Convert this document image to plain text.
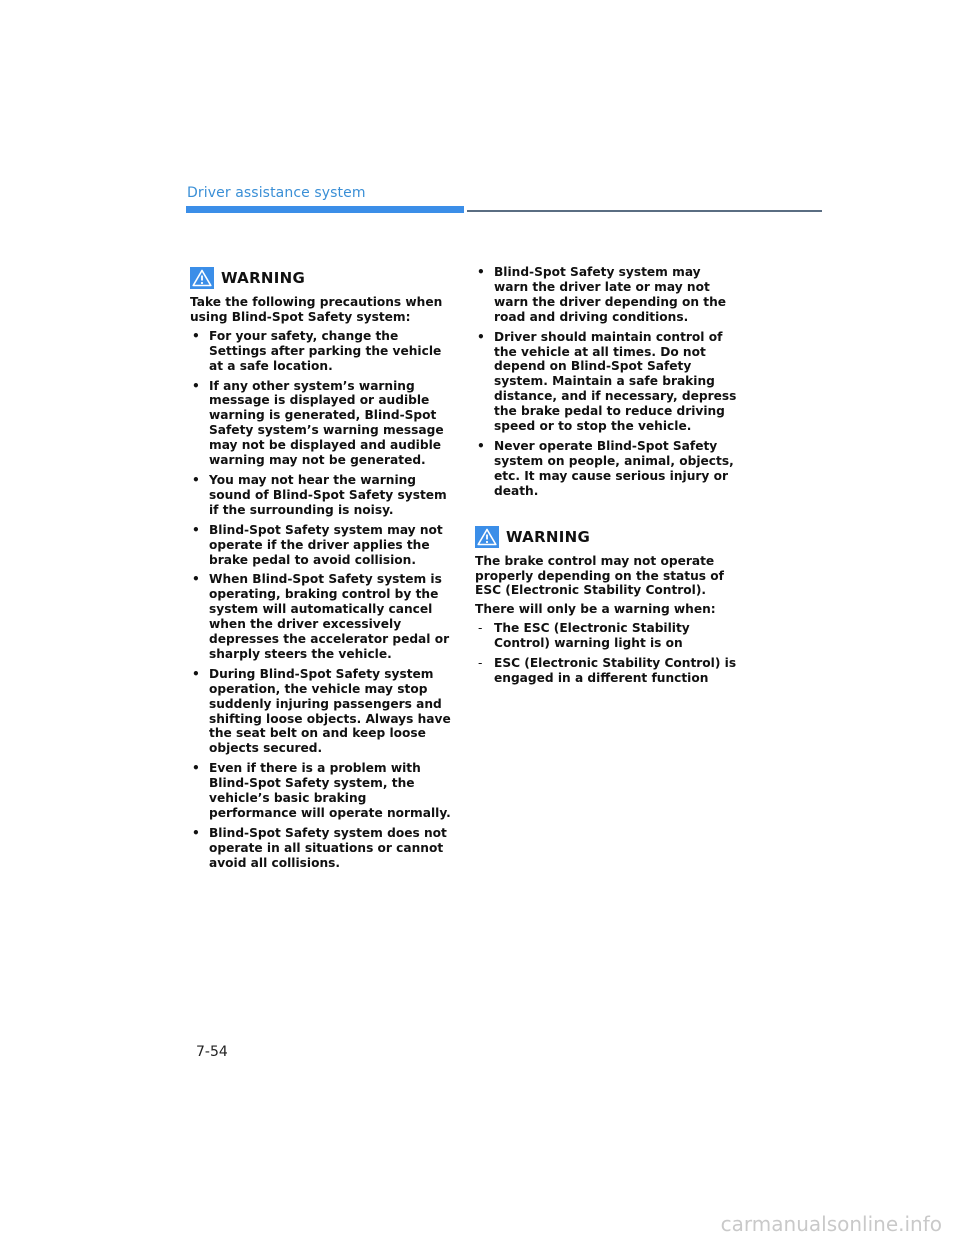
Driver assistance system
WARNING

Take the following precautions when using Blind-Spot Safety system:

• For your safety, change the Settings after parking the vehicle at a safe location.
• If any other system’s warning message is displayed or audible warning is generated, Blind-Spot Safety system’s warning message may not be displayed and audible warning may not be generated.
• You may not hear the warning sound of Blind-Spot Safety system if the surrounding is noisy.
• Blind-Spot Safety system may not operate if the driver applies the brake pedal to avoid collision.
• When Blind-Spot Safety system is operating, braking control by the system will automatically cancel when the driver excessively depresses the accelerator pedal or sharply steers the vehicle.
• During Blind-Spot Safety system operation, the vehicle may stop suddenly injuring passengers and shifting loose objects. Always have the seat belt on and keep loose objects secured.
• Even if there is a problem with Blind-Spot Safety system, the vehicle’s basic braking performance will operate normally.
• Blind-Spot Safety system does not operate in all situations or cannot avoid all collisions.
• Blind-Spot Safety system may warn the driver late or may not warn the driver depending on the road and driving conditions.
• Driver should maintain control of the vehicle at all times. Do not depend on Blind-Spot Safety system. Maintain a safe braking distance, and if necessary, depress the brake pedal to reduce driving speed or to stop the vehicle.
• Never operate Blind-Spot Safety system on people, animal, objects, etc. It may cause serious injury or death.
WARNING

The brake control may not operate properly depending on the status of ESC (Electronic Stability Control).

There will only be a warning when:

- The ESC (Electronic Stability Control) warning light is on
- ESC (Electronic Stability Control) is engaged in a different function
7-54
carmanualsonline.info
